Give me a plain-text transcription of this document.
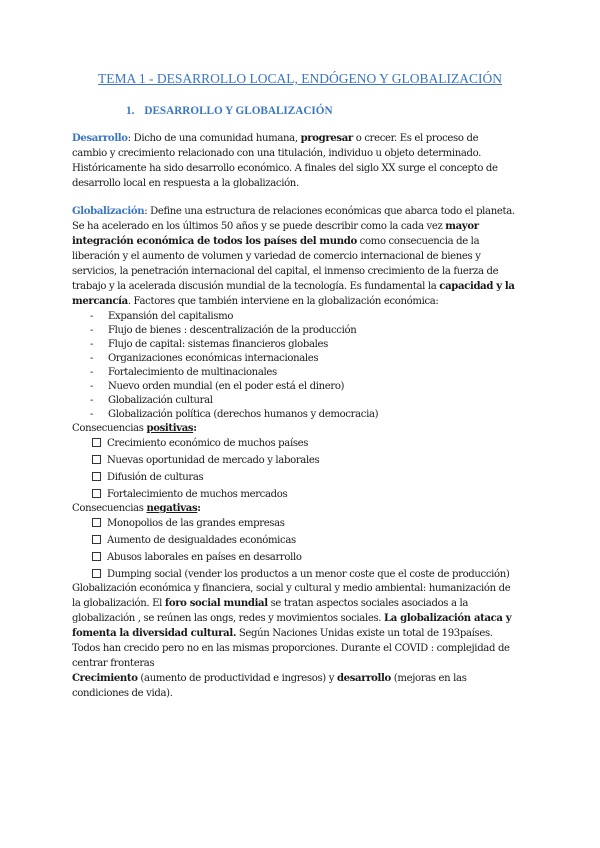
TEMA 1 - DESARROLLO LOCAL, ENDÓGENO Y GLOBALIZACIÓN
1. DESARROLLO Y GLOBALIZACIÓN
Desarrollo: Dicho de una comunidad humana, progresar o crecer. Es el proceso de
cambio y crecimiento relacionado con una titulación, individuo u objeto determinado.
Históricamente ha sido desarrollo económico. A finales del siglo XX surge el concepto de
desarrollo local en respuesta a la globalización.
Globalización: Define una estructura de relaciones económicas que abarca todo el planeta.
Se ha acelerado en los últimos 50 años y se puede describir como la cada vez mayor
integración económica de todos los países del mundo como consecuencia de la
liberación y el aumento de volumen y variedad de comercio internacional de bienes y
servicios, la penetración internacional del capital, el inmenso crecimiento de la fuerza de
trabajo y la acelerada discusión mundial de la tecnología. Es fundamental la capacidad y la
mercancía. Factores que también interviene en la globalización económica:
- Expansión del capitalismo
- Flujo de bienes : descentralización de la producción
- Flujo de capital: sistemas financieros globales
- Organizaciones económicas internacionales
- Fortalecimiento de multinacionales
- Nuevo orden mundial (en el poder está el dinero)
- Globalización cultural
- Globalización política (derechos humanos y democracia)
Consecuencias positivas:
Crecimiento económico de muchos países
Nuevas oportunidad de mercado y laborales
Difusión de culturas
Fortalecimiento de muchos mercados
Consecuencias negativas:
Monopolios de las grandes empresas
Aumento de desigualdades económicas
Abusos laborales en países en desarrollo
Dumping social (vender los productos a un menor coste que el coste de producción)
Globalización económica y financiera, social y cultural y medio ambiental: humanización de
la globalización. El foro social mundial se tratan aspectos sociales asociados a la
globalización , se reúnen las ongs, redes y movimientos sociales. La globalización ataca y
fomenta la diversidad cultural. Según Naciones Unidas existe un total de 193países.
Todos han crecido pero no en las mismas proporciones. Durante el COVID : complejidad de
centrar fronteras
Crecimiento (aumento de productividad e ingresos) y desarrollo (mejoras en las
condiciones de vida).
